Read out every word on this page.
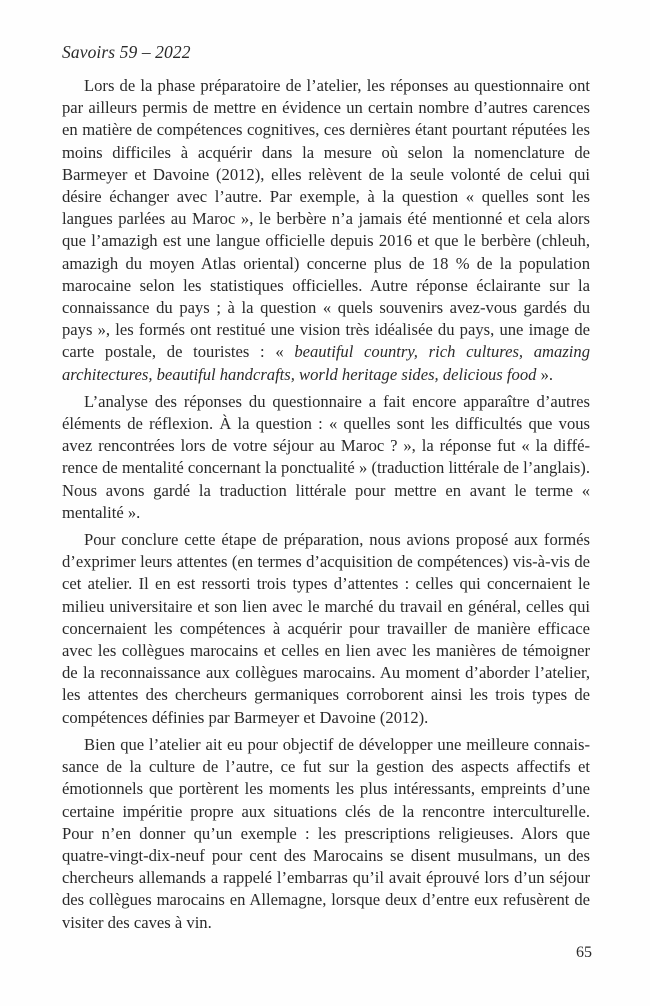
Savoirs 59 – 2022

Lors de la phase préparatoire de l’atelier, les réponses au questionnaire ont par ailleurs permis de mettre en évidence un certain nombre d’autres carences en matière de compétences cognitives, ces dernières étant pourtant réputées les moins difficiles à acquérir dans la mesure où selon la nomenclature de Barmeyer et Davoine (2012), elles relèvent de la seule volonté de celui qui désire échanger avec l’autre. Par exemple, à la question « quelles sont les langues parlées au Maroc », le berbère n’a jamais été mentionné et cela alors que l’amazigh est une langue officielle depuis 2016 et que le berbère (chleuh, amazigh du moyen Atlas oriental) concerne plus de 18 % de la population marocaine selon les statistiques officielles. Autre réponse éclairante sur la connaissance du pays ; à la question « quels souvenirs avez-vous gardés du pays », les formés ont restitué une vision très idéalisée du pays, une image de carte postale, de touristes : « beautiful country, rich cultures, amazing architectures, beautiful handcrafts, world heritage sides, delicious food ».

L’analyse des réponses du questionnaire a fait encore apparaître d’autres éléments de réflexion. À la question : « quelles sont les difficultés que vous avez rencontrées lors de votre séjour au Maroc ? », la réponse fut « la différence de mentalité concernant la ponctualité » (traduction littérale de l’anglais). Nous avons gardé la traduction littérale pour mettre en avant le terme « mentalité ».

Pour conclure cette étape de préparation, nous avions proposé aux formés d’exprimer leurs attentes (en termes d’acquisition de compétences) vis-à-vis de cet atelier. Il en est ressorti trois types d’attentes : celles qui concernaient le milieu universitaire et son lien avec le marché du travail en général, celles qui concernaient les compétences à acquérir pour travailler de manière efficace avec les collègues marocains et celles en lien avec les manières de témoigner de la reconnaissance aux collègues marocains. Au moment d’aborder l’atelier, les attentes des chercheurs germaniques corroborent ainsi les trois types de compétences définies par Barmeyer et Davoine (2012).

Bien que l’atelier ait eu pour objectif de développer une meilleure connaissance de la culture de l’autre, ce fut sur la gestion des aspects affectifs et émotionnels que portèrent les moments les plus intéressants, empreints d’une certaine impéritie propre aux situations clés de la rencontre interculturelle. Pour n’en donner qu’un exemple : les prescriptions religieuses. Alors que quatre-vingt-dix-neuf pour cent des Marocains se disent musulmans, un des chercheurs allemands a rappelé l’embarras qu’il avait éprouvé lors d’un séjour des collègues marocains en Allemagne, lorsque deux d’entre eux refusèrent de visiter des caves à vin.

65
